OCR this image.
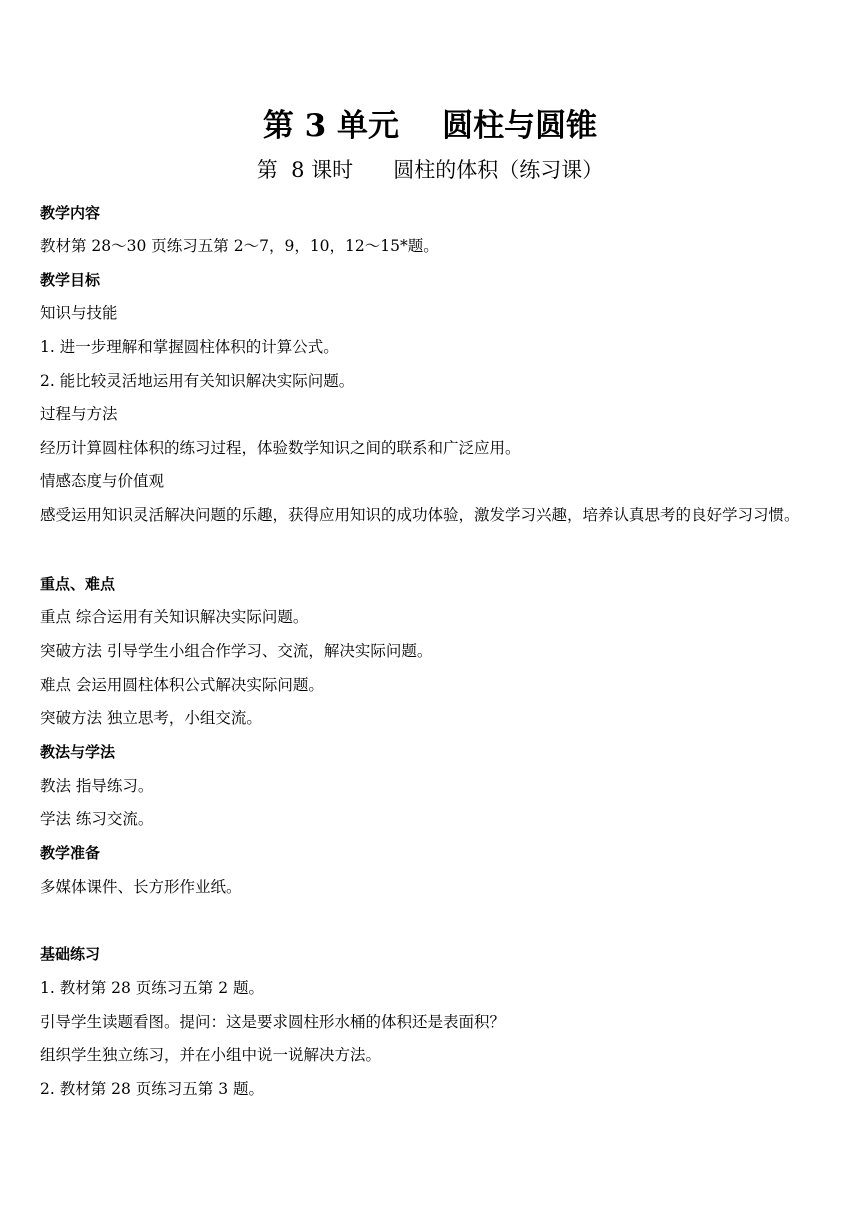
第 3 单元    圆柱与圆锥
第  8 课时      圆柱的体积（练习课）
教学内容
教材第 28～30 页练习五第 2～7，9，10，12～15*题。
教学目标
知识与技能
1. 进一步理解和掌握圆柱体积的计算公式。
2. 能比较灵活地运用有关知识解决实际问题。
过程与方法
经历计算圆柱体积的练习过程，体验数学知识之间的联系和广泛应用。
情感态度与价值观
感受运用知识灵活解决问题的乐趣，获得应用知识的成功体验，激发学习兴趣，培养认真思考的良好学习习惯。
重点、难点
重点 综合运用有关知识解决实际问题。
突破方法 引导学生小组合作学习、交流，解决实际问题。
难点 会运用圆柱体积公式解决实际问题。
突破方法 独立思考，小组交流。
教法与学法
教法 指导练习。
学法 练习交流。
教学准备
多媒体课件、长方形作业纸。
基础练习
1. 教材第 28 页练习五第 2 题。
引导学生读题看图。提问：这是要求圆柱形水桶的体积还是表面积？
组织学生独立练习，并在小组中说一说解决方法。
2. 教材第 28 页练习五第 3 题。
